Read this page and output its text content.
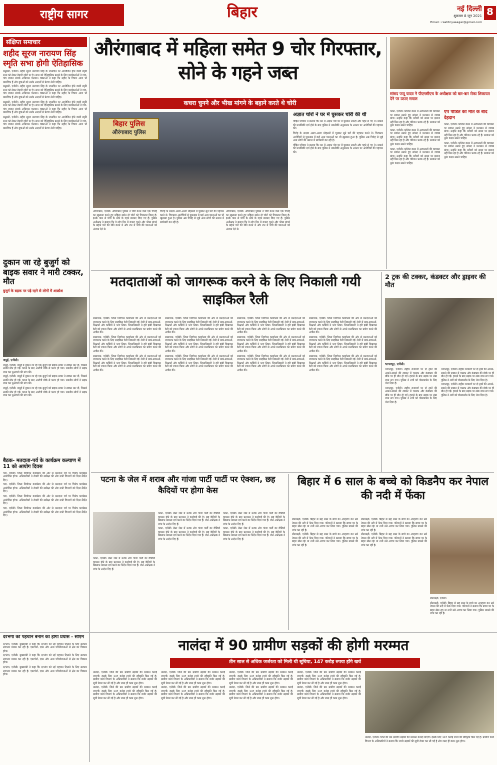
राष्ट्रीय सागर	बिहार	नई दिल्ली
शुक्रवार 8 जून 2021
Email : rashtriyasagar@gmail.com
8
संक्षिप्त समाचार
शहीद सूरज नारायण सिंह स्मृति सभा होगी ऐतिहासिक

मधुबनी, एजेंसी। शहीद सूरज नारायण सिंह के जन्मदिन पर आयोजित होने वाली स्मृति सभा को लेकर तैयारी जोरों पर है। सभा को ऐतिहासिक बनाने के लिए कार्यकर्ताओं ने गांव-गांव जाकर संपर्क अभियान चलाया। वक्ताओं ने कहा कि शहीद के विचार आज भी प्रासंगिक हैं और युवाओं को उनके आदर्शों से प्रेरणा लेनी चाहिए।

मधुबनी, एजेंसी। शहीद सूरज नारायण सिंह के जन्मदिन पर आयोजित होने वाली स्मृति सभा को लेकर तैयारी जोरों पर है। सभा को ऐतिहासिक बनाने के लिए कार्यकर्ताओं ने गांव-गांव जाकर संपर्क अभियान चलाया। वक्ताओं ने कहा कि शहीद के विचार आज भी प्रासंगिक हैं और युवाओं को उनके आदर्शों से प्रेरणा लेनी चाहिए।

मधुबनी, एजेंसी। शहीद सूरज नारायण सिंह के जन्मदिन पर आयोजित होने वाली स्मृति सभा को लेकर तैयारी जोरों पर है। सभा को ऐतिहासिक बनाने के लिए कार्यकर्ताओं ने गांव-गांव जाकर संपर्क अभियान चलाया। वक्ताओं ने कहा कि शहीद के विचार आज भी प्रासंगिक हैं और युवाओं को उनके आदर्शों से प्रेरणा लेनी चाहिए।

मधुबनी, एजेंसी। शहीद सूरज नारायण सिंह के जन्मदिन पर आयोजित होने वाली स्मृति सभा को लेकर तैयारी जोरों पर है। सभा को ऐतिहासिक बनाने के लिए कार्यकर्ताओं ने गांव-गांव जाकर संपर्क अभियान चलाया। वक्ताओं ने कहा कि शहीद के विचार आज भी प्रासंगिक हैं और युवाओं को उनके आदर्शों से प्रेरणा लेनी चाहिए।

दुकान जा रहे बुजुर्ग को बाइक सवार ने मारी टक्कर, मौत
बुजुर्ग के सड़क पर पड़े रहने से लोगों में आक्रोश
जमुई, एजेंसी।

जमुई, एजेंसी। जमुई में दुकान जा रहे एक बुजुर्ग को बाइक सवार ने टक्कर मार दी, जिससे उनकी मौत हो गई। घटना के बाद आरोपी मौके से फरार हो गया। स्थानीय लोगों ने सड़क जाम कर मुआवजे की मांग की।

जमुई, एजेंसी। जमुई में दुकान जा रहे एक बुजुर्ग को बाइक सवार ने टक्कर मार दी, जिससे उनकी मौत हो गई। घटना के बाद आरोपी मौके से फरार हो गया। स्थानीय लोगों ने सड़क जाम कर मुआवजे की मांग की।

जमुई, एजेंसी। जमुई में दुकान जा रहे एक बुजुर्ग को बाइक सवार ने टक्कर मार दी, जिससे उनकी मौत हो गई। घटना के बाद आरोपी मौके से फरार हो गया। स्थानीय लोगों ने सड़क जाम कर मुआवजे की मांग की।

बैठक- मतदाता-पर्व के कार्यक्रम कल्याण में 11 को आयोग दिवस

गया, एजेंसी। जिला निर्वाचन कार्यालय की ओर से मतदाता पर्व पर विशेष कार्यक्रम आयोजित होगा। अधिकारियों ने तैयारी की समीक्षा की और सभी विभागों को दिशा-निर्देश दिए।

गया, एजेंसी। जिला निर्वाचन कार्यालय की ओर से मतदाता पर्व पर विशेष कार्यक्रम आयोजित होगा। अधिकारियों ने तैयारी की समीक्षा की और सभी विभागों को दिशा-निर्देश दिए।

गया, एजेंसी। जिला निर्वाचन कार्यालय की ओर से मतदाता पर्व पर विशेष कार्यक्रम आयोजित होगा। अधिकारियों ने तैयारी की समीक्षा की और सभी विभागों को दिशा-निर्देश दिए।

गया, एजेंसी। जिला निर्वाचन कार्यालय की ओर से मतदाता पर्व पर विशेष कार्यक्रम आयोजित होगा। अधिकारियों ने तैयारी की समीक्षा की और सभी विभागों को दिशा-निर्देश दिए।

औरंगाबाद में महिला समेत 9 चोर गिरफ्तार, सोने के गहने जब्त
कचरा चुनने और भीख मांगने के बहाने करते थे चोरी
बिहार पुलिस
औरंगाबाद पुलिस

औरंगाबाद, एजेंसी। औरंगाबाद पुलिस ने चोरी करने वाले एक गिरोह का खुलासा करते हुए महिला समेत नौ चोरों को गिरफ्तार किया है। इनके पास से चोरी के सोने के गहने बरामद किए गए हैं। पुलिस अधीक्षक ने बताया कि ये लोग दिन में कचरा चुनने और भीख मांगने के बहाने घरों की रेकी करते थे और रात में चोरी की घटनाओं को अंजाम देते थे।

गिरोह के सदस्य अलग-अलग मोहल्लों में घूमकर सूने घरों की पहचान करते थे। गिरफ्तार आरोपियों से पूछताछ में कई अन्य घटनाओं का भी खुलासा हुआ है। पुलिस अब गिरोह से जुड़े अन्य लोगों की तलाश में छापेमारी कर रही है।

औरंगाबाद, एजेंसी। औरंगाबाद पुलिस ने चोरी करने वाले एक गिरोह का खुलासा करते हुए महिला समेत नौ चोरों को गिरफ्तार किया है। इनके पास से चोरी के सोने के गहने बरामद किए गए हैं। पुलिस अधीक्षक ने बताया कि ये लोग दिन में कचरा चुनने और भीख मांगने के बहाने घरों की रेकी करते थे और रात में चोरी की घटनाओं को अंजाम देते थे।

अज्ञात चोरों ने घर में घुसकर चोरी की थी

पीड़ित परिवार ने बताया कि रात में अज्ञात चोर घर में घुसकर नकदी और गहने ले गए थे। मामले की प्राथमिकी दर्ज होने के बाद पुलिस ने तकनीकी अनुसंधान के आधार पर आरोपियों की पहचान की।

गिरोह के सदस्य अलग-अलग मोहल्लों में घूमकर सूने घरों की पहचान करते थे। गिरफ्तार आरोपियों से पूछताछ में कई अन्य घटनाओं का भी खुलासा हुआ है। पुलिस अब गिरोह से जुड़े अन्य लोगों की तलाश में छापेमारी कर रही है।

पीड़ित परिवार ने बताया कि रात में अज्ञात चोर घर में घुसकर नकदी और गहने ले गए थे। मामले की प्राथमिकी दर्ज होने के बाद पुलिस ने तकनीकी अनुसंधान के आधार पर आरोपियों की पहचान की।

सांसद पप्पू यादव ने पीएमसीएच के अधीक्षक को बार-बार रोका शिकायत देने पर उठाए सवाल

पटना, एजेंसी। कोरोना काल में अस्पतालों की व्यवस्था पर सवाल उठाते हुए सांसद ने प्रशासन से जवाब मांगा। उन्होंने कहा कि मरीजों को समय पर इलाज नहीं मिल रहा है और परिजन भटक रहे हैं। सरकार को तुरंत कदम उठाने चाहिए।

पटना, एजेंसी। कोरोना काल में अस्पतालों की व्यवस्था पर सवाल उठाते हुए सांसद ने प्रशासन से जवाब मांगा। उन्होंने कहा कि मरीजों को समय पर इलाज नहीं मिल रहा है और परिजन भटक रहे हैं। सरकार को तुरंत कदम उठाने चाहिए।

पटना, एजेंसी। कोरोना काल में अस्पतालों की व्यवस्था पर सवाल उठाते हुए सांसद ने प्रशासन से जवाब मांगा। उन्होंने कहा कि मरीजों को समय पर इलाज नहीं मिल रहा है और परिजन भटक रहे हैं। सरकार को तुरंत कदम उठाने चाहिए।

ऐप पीडित की मौत के बाद देहदान

पटना, एजेंसी। कोरोना काल में अस्पतालों की व्यवस्था पर सवाल उठाते हुए सांसद ने प्रशासन से जवाब मांगा। उन्होंने कहा कि मरीजों को समय पर इलाज नहीं मिल रहा है और परिजन भटक रहे हैं। सरकार को तुरंत कदम उठाने चाहिए।

पटना, एजेंसी। कोरोना काल में अस्पतालों की व्यवस्था पर सवाल उठाते हुए सांसद ने प्रशासन से जवाब मांगा। उन्होंने कहा कि मरीजों को समय पर इलाज नहीं मिल रहा है और परिजन भटक रहे हैं। सरकार को तुरंत कदम उठाने चाहिए।

मतदाताओं को जागरूक करने के लिए निकाली गयी साइकिल रैली

सासाराम, एजेंसी। जिला निर्वाचन कार्यालय की ओर से मतदाताओं को जागरूक करने के लिए साइकिल रैली निकाली गई। रैली में छात्र-छात्राओं, शिक्षकों और कर्मियों ने भाग लिया। जिलाधिकारी ने हरी झंडी दिखाकर रैली को रवाना किया और लोगों से अपने मताधिकार का प्रयोग करने की अपील की।

सासाराम, एजेंसी। जिला निर्वाचन कार्यालय की ओर से मतदाताओं को जागरूक करने के लिए साइकिल रैली निकाली गई। रैली में छात्र-छात्राओं, शिक्षकों और कर्मियों ने भाग लिया। जिलाधिकारी ने हरी झंडी दिखाकर रैली को रवाना किया और लोगों से अपने मताधिकार का प्रयोग करने की अपील की।

सासाराम, एजेंसी। जिला निर्वाचन कार्यालय की ओर से मतदाताओं को जागरूक करने के लिए साइकिल रैली निकाली गई। रैली में छात्र-छात्राओं, शिक्षकों और कर्मियों ने भाग लिया। जिलाधिकारी ने हरी झंडी दिखाकर रैली को रवाना किया और लोगों से अपने मताधिकार का प्रयोग करने की अपील की।

सासाराम, एजेंसी। जिला निर्वाचन कार्यालय की ओर से मतदाताओं को जागरूक करने के लिए साइकिल रैली निकाली गई। रैली में छात्र-छात्राओं, शिक्षकों और कर्मियों ने भाग लिया। जिलाधिकारी ने हरी झंडी दिखाकर रैली को रवाना किया और लोगों से अपने मताधिकार का प्रयोग करने की अपील की।

सासाराम, एजेंसी। जिला निर्वाचन कार्यालय की ओर से मतदाताओं को जागरूक करने के लिए साइकिल रैली निकाली गई। रैली में छात्र-छात्राओं, शिक्षकों और कर्मियों ने भाग लिया। जिलाधिकारी ने हरी झंडी दिखाकर रैली को रवाना किया और लोगों से अपने मताधिकार का प्रयोग करने की अपील की।

सासाराम, एजेंसी। जिला निर्वाचन कार्यालय की ओर से मतदाताओं को जागरूक करने के लिए साइकिल रैली निकाली गई। रैली में छात्र-छात्राओं, शिक्षकों और कर्मियों ने भाग लिया। जिलाधिकारी ने हरी झंडी दिखाकर रैली को रवाना किया और लोगों से अपने मताधिकार का प्रयोग करने की अपील की।

सासाराम, एजेंसी। जिला निर्वाचन कार्यालय की ओर से मतदाताओं को जागरूक करने के लिए साइकिल रैली निकाली गई। रैली में छात्र-छात्राओं, शिक्षकों और कर्मियों ने भाग लिया। जिलाधिकारी ने हरी झंडी दिखाकर रैली को रवाना किया और लोगों से अपने मताधिकार का प्रयोग करने की अपील की।

सासाराम, एजेंसी। जिला निर्वाचन कार्यालय की ओर से मतदाताओं को जागरूक करने के लिए साइकिल रैली निकाली गई। रैली में छात्र-छात्राओं, शिक्षकों और कर्मियों ने भाग लिया। जिलाधिकारी ने हरी झंडी दिखाकर रैली को रवाना किया और लोगों से अपने मताधिकार का प्रयोग करने की अपील की।

सासाराम, एजेंसी। जिला निर्वाचन कार्यालय की ओर से मतदाताओं को जागरूक करने के लिए साइकिल रैली निकाली गई। रैली में छात्र-छात्राओं, शिक्षकों और कर्मियों ने भाग लिया। जिलाधिकारी ने हरी झंडी दिखाकर रैली को रवाना किया और लोगों से अपने मताधिकार का प्रयोग करने की अपील की।

सासाराम, एजेंसी। जिला निर्वाचन कार्यालय की ओर से मतदाताओं को जागरूक करने के लिए साइकिल रैली निकाली गई। रैली में छात्र-छात्राओं, शिक्षकों और कर्मियों ने भाग लिया। जिलाधिकारी ने हरी झंडी दिखाकर रैली को रवाना किया और लोगों से अपने मताधिकार का प्रयोग करने की अपील की।

सासाराम, एजेंसी। जिला निर्वाचन कार्यालय की ओर से मतदाताओं को जागरूक करने के लिए साइकिल रैली निकाली गई। रैली में छात्र-छात्राओं, शिक्षकों और कर्मियों ने भाग लिया। जिलाधिकारी ने हरी झंडी दिखाकर रैली को रवाना किया और लोगों से अपने मताधिकार का प्रयोग करने की अपील की।

सासाराम, एजेंसी। जिला निर्वाचन कार्यालय की ओर से मतदाताओं को जागरूक करने के लिए साइकिल रैली निकाली गई। रैली में छात्र-छात्राओं, शिक्षकों और कर्मियों ने भाग लिया। जिलाधिकारी ने हरी झंडी दिखाकर रैली को रवाना किया और लोगों से अपने मताधिकार का प्रयोग करने की अपील की।

2 ट्रक की टक्कर, कंडक्टर और ड्राइवर की मौत
भागलपुर, एजेंसी।

भागलपुर, एजेंसी। राष्ट्रीय राजमार्ग पर दो ट्रकों की आमने-सामने की टक्कर में चालक और कंडक्टर की मौके पर ही मौत हो गई। हादसे के बाद सड़क पर लंबा जाम लग गया। पुलिस ने शवों को पोस्टमार्टम के लिए भेज दिया है।

भागलपुर, एजेंसी। राष्ट्रीय राजमार्ग पर दो ट्रकों की आमने-सामने की टक्कर में चालक और कंडक्टर की मौके पर ही मौत हो गई। हादसे के बाद सड़क पर लंबा जाम लग गया। पुलिस ने शवों को पोस्टमार्टम के लिए भेज दिया है।

भागलपुर, एजेंसी। राष्ट्रीय राजमार्ग पर दो ट्रकों की आमने-सामने की टक्कर में चालक और कंडक्टर की मौके पर ही मौत हो गई। हादसे के बाद सड़क पर लंबा जाम लग गया। पुलिस ने शवों को पोस्टमार्टम के लिए भेज दिया है।

भागलपुर, एजेंसी। राष्ट्रीय राजमार्ग पर दो ट्रकों की आमने-सामने की टक्कर में चालक और कंडक्टर की मौके पर ही मौत हो गई। हादसे के बाद सड़क पर लंबा जाम लग गया। पुलिस ने शवों को पोस्टमार्टम के लिए भेज दिया है।

पटना के जेल में शराब और गांजा पार्टी पार्टी पर ऐक्शन, छह कैदियों पर होगा केस

पटना, एजेंसी। बेउर जेल में शराब और गांजा पार्टी का वीडियो वायरल होने के बाद प्रशासन ने कार्रवाई की है। छह कैदियों के खिलाफ मामला दर्ज करने का निर्देश दिया गया है। जेल अधीक्षक ने जांच के आदेश दिए हैं।

पटना, एजेंसी। बेउर जेल में शराब और गांजा पार्टी का वीडियो वायरल होने के बाद प्रशासन ने कार्रवाई की है। छह कैदियों के खिलाफ मामला दर्ज करने का निर्देश दिया गया है। जेल अधीक्षक ने जांच के आदेश दिए हैं।

पटना, एजेंसी। बेउर जेल में शराब और गांजा पार्टी का वीडियो वायरल होने के बाद प्रशासन ने कार्रवाई की है। छह कैदियों के खिलाफ मामला दर्ज करने का निर्देश दिया गया है। जेल अधीक्षक ने जांच के आदेश दिए हैं।

पटना, एजेंसी। बेउर जेल में शराब और गांजा पार्टी का वीडियो वायरल होने के बाद प्रशासन ने कार्रवाई की है। छह कैदियों के खिलाफ मामला दर्ज करने का निर्देश दिया गया है। जेल अधीक्षक ने जांच के आदेश दिए हैं।

पटना, एजेंसी। बेउर जेल में शराब और गांजा पार्टी का वीडियो वायरल होने के बाद प्रशासन ने कार्रवाई की है। छह कैदियों के खिलाफ मामला दर्ज करने का निर्देश दिया गया है। जेल अधीक्षक ने जांच के आदेश दिए हैं।

बिहार में 6 साल के बच्चे को किडनैप कर नेपाल की नदी में फेंका

सीतामढ़ी, एजेंसी। बिहार से छह साल के बच्चे का अपहरण कर उसे नेपाल की नदी में फेंक दिया गया। परिजनों ने बताया कि बच्चा घर के बाहर खेल रहा था तभी उसे अगवा कर लिया गया। पुलिस मामले की जांच कर रही है।

सीतामढ़ी, एजेंसी। बिहार से छह साल के बच्चे का अपहरण कर उसे नेपाल की नदी में फेंक दिया गया। परिजनों ने बताया कि बच्चा घर के बाहर खेल रहा था तभी उसे अगवा कर लिया गया। पुलिस मामले की जांच कर रही है।

सीतामढ़ी, एजेंसी। बिहार से छह साल के बच्चे का अपहरण कर उसे नेपाल की नदी में फेंक दिया गया। परिजनों ने बताया कि बच्चा घर के बाहर खेल रहा था तभी उसे अगवा कर लिया गया। पुलिस मामले की जांच कर रही है।

सीतामढ़ी, एजेंसी। बिहार से छह साल के बच्चे का अपहरण कर उसे नेपाल की नदी में फेंक दिया गया। परिजनों ने बताया कि बच्चा घर के बाहर खेल रहा था तभी उसे अगवा कर लिया गया। पुलिस मामले की जांच कर रही है।

सीतामढ़ी, एजेंसी।

सीतामढ़ी, एजेंसी। बिहार से छह साल के बच्चे का अपहरण कर उसे नेपाल की नदी में फेंक दिया गया। परिजनों ने बताया कि बच्चा घर के बाहर खेल रहा था तभी उसे अगवा कर लिया गया। पुलिस मामले की जांच कर रही है।

दरभंगा को पहचान बनाने का होगा प्रयास - सीएम

दरभंगा, एजेंसी। मुख्यमंत्री ने कहा कि दरभंगा को नई पहचान दिलाने के लिए सरकार लगातार प्रयास कर रही है। एयरपोर्ट, एम्स और अन्य परियोजनाओं से क्षेत्र का विकास होगा।

दरभंगा, एजेंसी। मुख्यमंत्री ने कहा कि दरभंगा को नई पहचान दिलाने के लिए सरकार लगातार प्रयास कर रही है। एयरपोर्ट, एम्स और अन्य परियोजनाओं से क्षेत्र का विकास होगा।

दरभंगा, एजेंसी। मुख्यमंत्री ने कहा कि दरभंगा को नई पहचान दिलाने के लिए सरकार लगातार प्रयास कर रही है। एयरपोर्ट, एम्स और अन्य परियोजनाओं से क्षेत्र का विकास होगा।

नालंदा में 90 ग्रामीण सड़कों की होगी मरम्मत
तीन साल से अधिक जर्जरता को मिली थी सूचिया, 147 करोड़ रुपया होंगे खर्च

नालंदा, एजेंसी। जिले की 90 ग्रामीण सड़कों की मरम्मत कराई जाएगी। इसके लिए 147 करोड़ रुपये की स्वीकृति मिल गई है। ग्रामीण कार्य विभाग के अधिकारियों ने बताया कि जर्जर सड़कों की सूची तैयार कर ली गई है और जल्द ही काम शुरू होगा।

नालंदा, एजेंसी। जिले की 90 ग्रामीण सड़कों की मरम्मत कराई जाएगी। इसके लिए 147 करोड़ रुपये की स्वीकृति मिल गई है। ग्रामीण कार्य विभाग के अधिकारियों ने बताया कि जर्जर सड़कों की सूची तैयार कर ली गई है और जल्द ही काम शुरू होगा।

नालंदा, एजेंसी। जिले की 90 ग्रामीण सड़कों की मरम्मत कराई जाएगी। इसके लिए 147 करोड़ रुपये की स्वीकृति मिल गई है। ग्रामीण कार्य विभाग के अधिकारियों ने बताया कि जर्जर सड़कों की सूची तैयार कर ली गई है और जल्द ही काम शुरू होगा।

नालंदा, एजेंसी। जिले की 90 ग्रामीण सड़कों की मरम्मत कराई जाएगी। इसके लिए 147 करोड़ रुपये की स्वीकृति मिल गई है। ग्रामीण कार्य विभाग के अधिकारियों ने बताया कि जर्जर सड़कों की सूची तैयार कर ली गई है और जल्द ही काम शुरू होगा।

नालंदा, एजेंसी। जिले की 90 ग्रामीण सड़कों की मरम्मत कराई जाएगी। इसके लिए 147 करोड़ रुपये की स्वीकृति मिल गई है। ग्रामीण कार्य विभाग के अधिकारियों ने बताया कि जर्जर सड़कों की सूची तैयार कर ली गई है और जल्द ही काम शुरू होगा।

नालंदा, एजेंसी। जिले की 90 ग्रामीण सड़कों की मरम्मत कराई जाएगी। इसके लिए 147 करोड़ रुपये की स्वीकृति मिल गई है। ग्रामीण कार्य विभाग के अधिकारियों ने बताया कि जर्जर सड़कों की सूची तैयार कर ली गई है और जल्द ही काम शुरू होगा।

नालंदा, एजेंसी। जिले की 90 ग्रामीण सड़कों की मरम्मत कराई जाएगी। इसके लिए 147 करोड़ रुपये की स्वीकृति मिल गई है। ग्रामीण कार्य विभाग के अधिकारियों ने बताया कि जर्जर सड़कों की सूची तैयार कर ली गई है और जल्द ही काम शुरू होगा।

नालंदा, एजेंसी। जिले की 90 ग्रामीण सड़कों की मरम्मत कराई जाएगी। इसके लिए 147 करोड़ रुपये की स्वीकृति मिल गई है। ग्रामीण कार्य विभाग के अधिकारियों ने बताया कि जर्जर सड़कों की सूची तैयार कर ली गई है और जल्द ही काम शुरू होगा।

नालंदा, एजेंसी। जिले की 90 ग्रामीण सड़कों की मरम्मत कराई जाएगी। इसके लिए 147 करोड़ रुपये की स्वीकृति मिल गई है। ग्रामीण कार्य विभाग के अधिकारियों ने बताया कि जर्जर सड़कों की सूची तैयार कर ली गई है और जल्द ही काम शुरू होगा।
